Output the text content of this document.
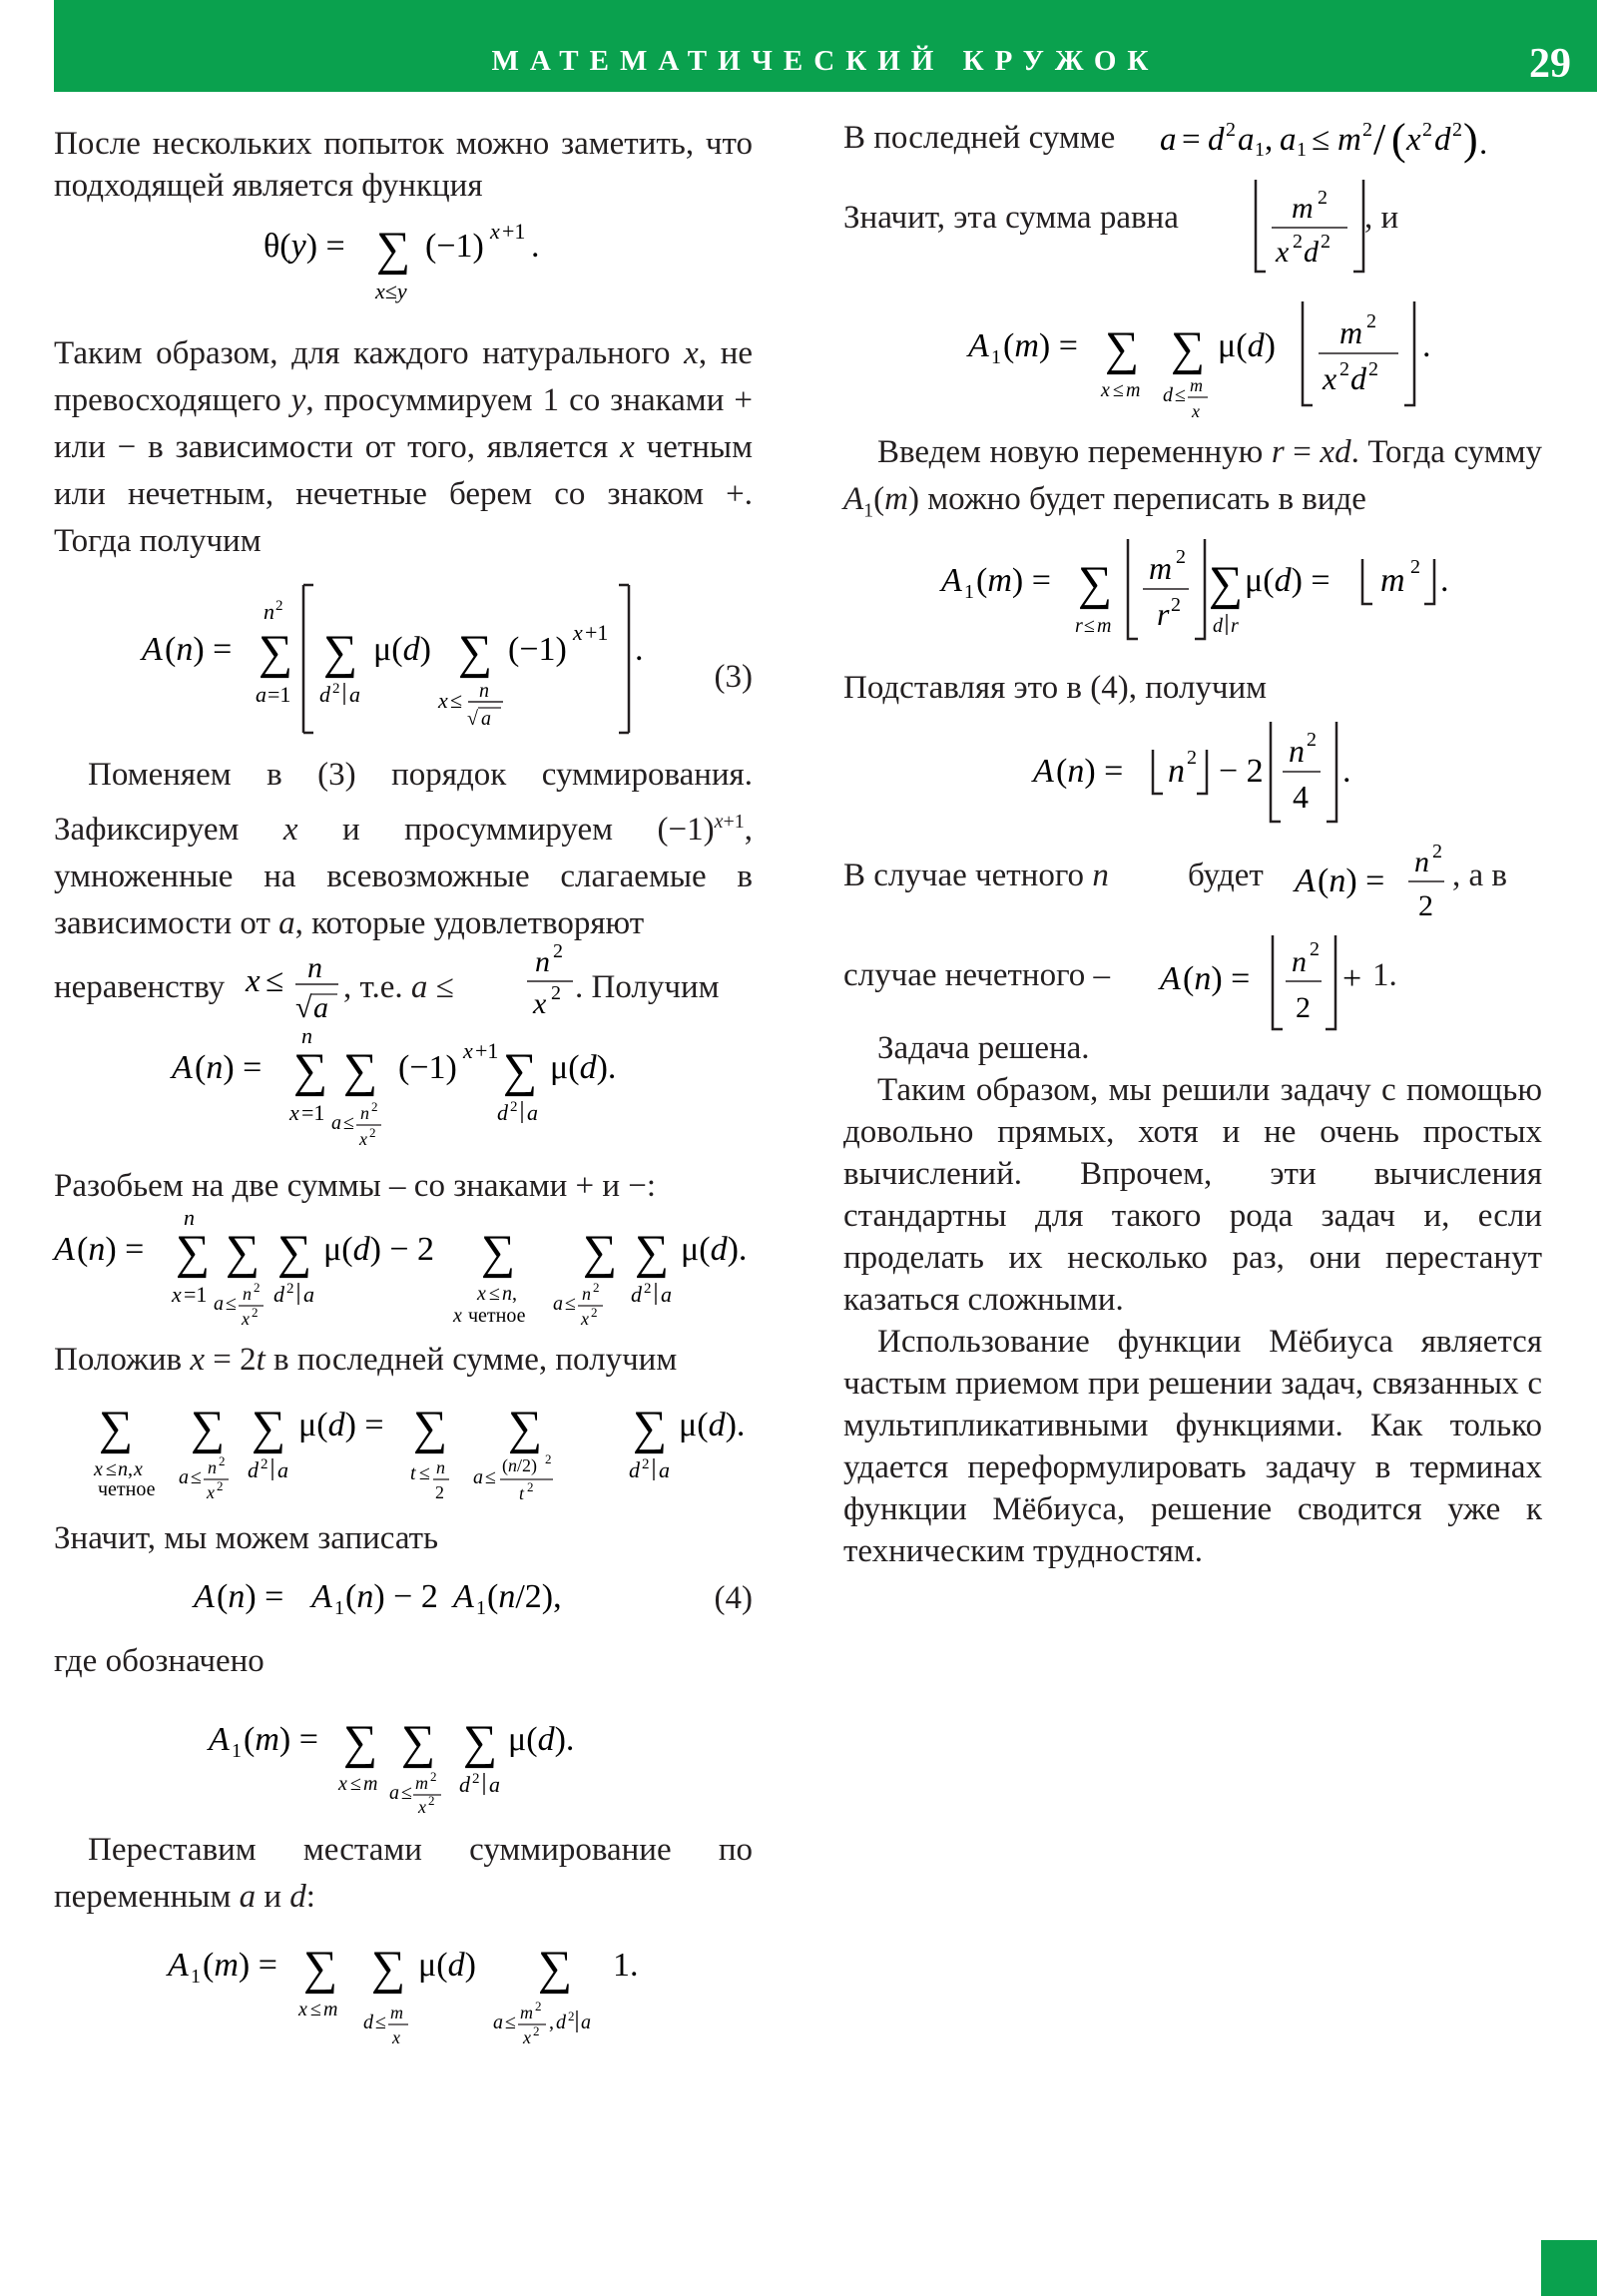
МАТЕМАТИЧЕСКИЙ КРУЖОК	29

После нескольких попыток можно заметить, что подходящей является функция

θ(y) = ∑
x≤y
(−1) x +1 .

Таким образом, для каждого натурального x, не превосходящего y, просуммируем 1 со знаками + или − в зависимости от того, является x четным или нечетным, нечетные берем со знаком +. Тогда получим

A (n) =
n 2
∑
a =1
∑
d 2 a
μ(d) ∑
x ≤ n
√ a
(−1) x +1 .
(3)

Поменяем в (3) порядок суммирования. Зафиксируем x и просуммируем $(-1)^{x+1}$, умноженные на всевозможные слагаемые в зависимости от a, которые удовлетворяют

неравенству x ≤ n
√ a
, т.е. a ≤
n 2
x 2 . Получим
A (n) =
n
∑
x =1
∑
a ≤ n 2
x 2
(−1) x +1 ∑
d 2 a
μ(d).

Разобьем на две суммы – со знаками + и −:

A (n) =
n
∑
x =1
∑
a ≤ n 2
x 2
∑
d 2 a
μ(d) − 2 ∑
x ≤ n ,
x четное
∑
a ≤ n 2
x 2
∑
d 2 a
μ(d).

Положив x = 2t в последней сумме, получим

∑
x ≤ n , x
четное
∑
a ≤ n 2
x 2
∑
d 2 a
μ(d) = ∑
t ≤ n
2
∑
a ≤
(n/2) 2
t 2
∑
d 2 a
μ(d).

Значит, мы можем записать

A (n) = A 1 (n) − 2 A 1 (n/2),	(4)

где обозначено

A 1 (m) = ∑
x ≤ m
∑
a ≤ m 2
x 2
∑
d 2 a
μ(d).

Переставим местами суммирование по переменным a и d:

A 1 (m) = ∑
x ≤ m
∑
d ≤ m
x
μ(d) ∑
a ≤ m 2
x 2 , d 2 a
1.
В последней сумме a = d 2 a 1 , a 1 ≤ m 2 / ( x 2 d 2 ) .
Значит, эта сумма равна	m 2
x 2 d 2
, и
A 1 (m) = ∑
x ≤ m
∑
d ≤ m
x
μ(d) m 2
x 2 d 2
.
Введем новую переменную r = xd. Тогда сумму $A_1(m)$ можно будет переписать в виде
A 1 (m) = ∑
r ≤ m
m 2
r 2 ∑
d r
μ(d) = m 2 .

Подставляя это в (4), получим

A (n) = n 2 − 2
n 2
4
.
В случае четного n будет A (n) =
n 2
2
, а в
случае нечетного – A (n) = n 2
2
+ 1.

Задача решена.

Таким образом, мы решили задачу с помощью довольно прямых, хотя и не очень простых вычислений. Впрочем, эти вычисления стандартны для такого рода задач и, если проделать их несколько раз, они перестанут казаться сложными.

Использование функции Мёбиуса является частым приемом при решении задач, связанных с мультипликативными функциями. Как только удается переформулировать задачу в терминах функции Мёбиуса, решение сводится уже к техническим трудностям.
